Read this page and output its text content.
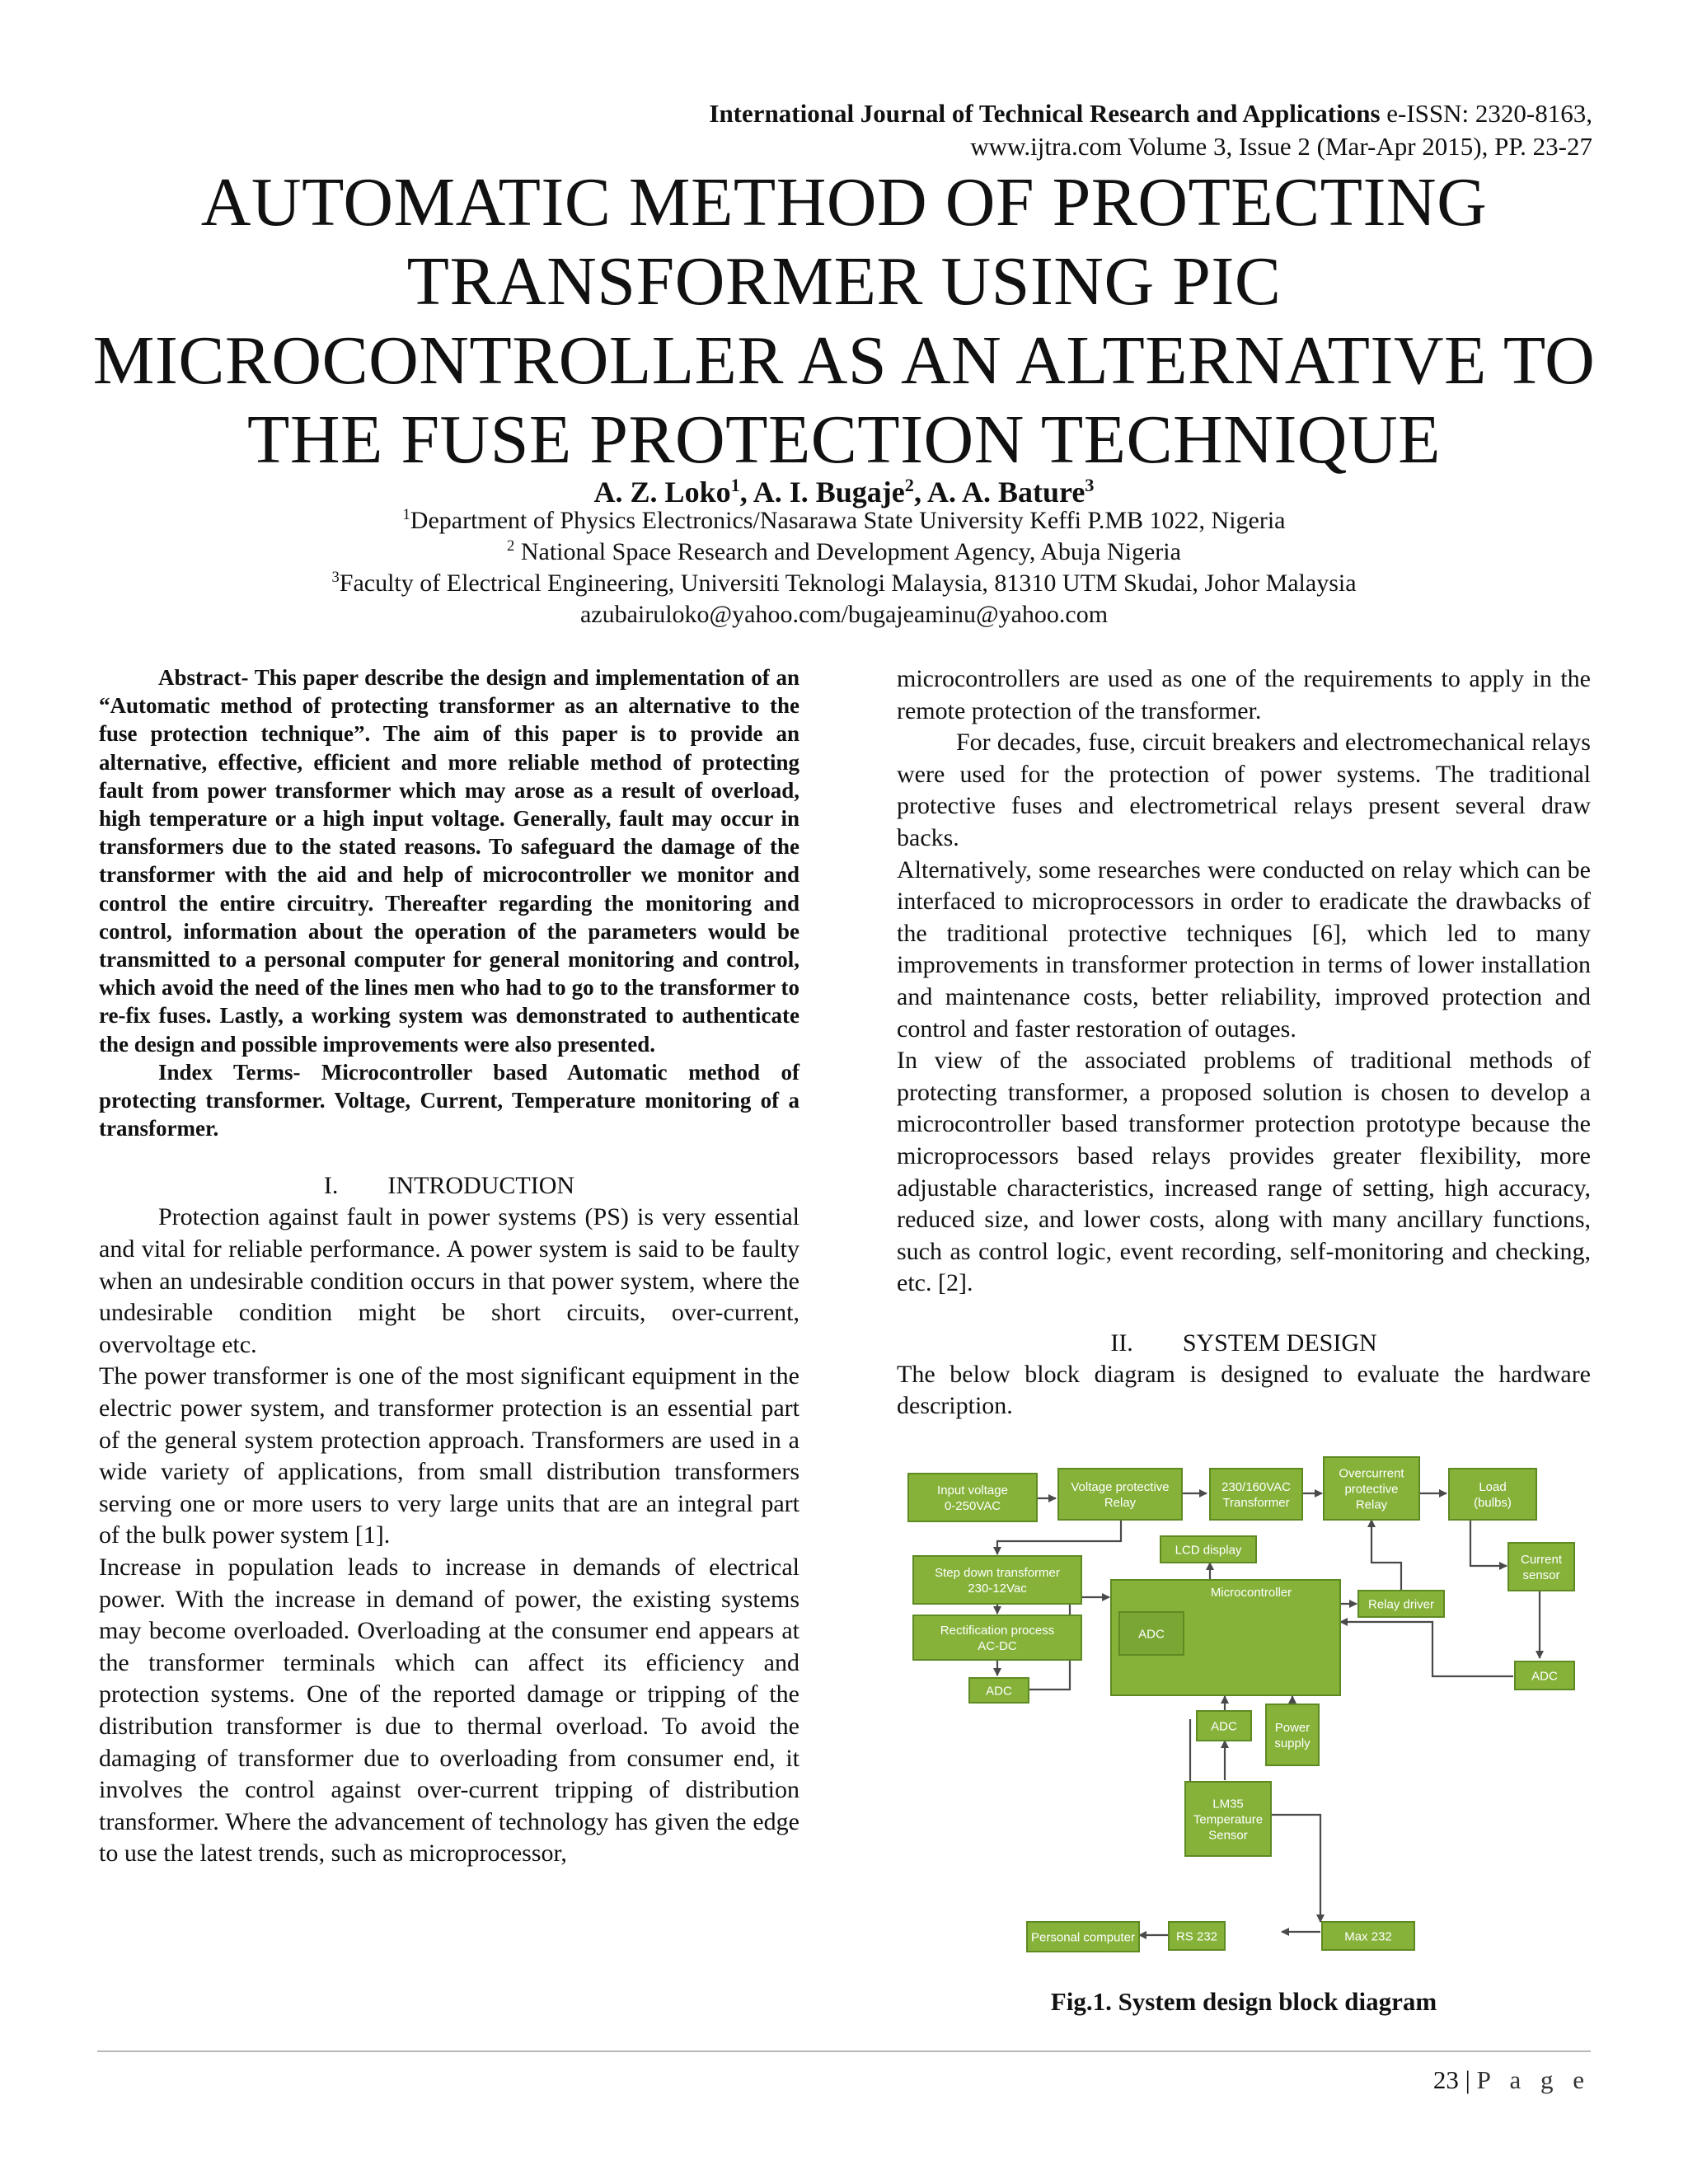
International Journal of Technical Research and Applications e-ISSN: 2320-8163,
www.ijtra.com Volume 3, Issue 2 (Mar-Apr 2015), PP. 23-27
AUTOMATIC METHOD OF PROTECTING
TRANSFORMER USING PIC
MICROCONTROLLER AS AN ALTERNATIVE TO
THE FUSE PROTECTION TECHNIQUE
A. Z. Loko$^1$, A. I. Bugaje$^2$, A. A. Bature$^3$
$^1$Department of Physics Electronics/Nasarawa State University Keffi P.MB 1022, Nigeria
$^2$ National Space Research and Development Agency, Abuja Nigeria
$^3$Faculty of Electrical Engineering, Universiti Teknologi Malaysia, 81310 UTM Skudai, Johor Malaysia
azubairuloko@yahoo.com/bugajeaminu@yahoo.com

Abstract- This paper describe the design and implementation of an “Automatic method of protecting transformer as an alternative to the fuse protection technique”. The aim of this paper is to provide an alternative, effective, efficient and more reliable method of protecting fault from power transformer which may arose as a result of overload, high temperature or a high input voltage. Generally, fault may occur in transformers due to the stated reasons. To safeguard the damage of the transformer with the aid and help of microcontroller we monitor and control the entire circuitry. Thereafter regarding the monitoring and control, information about the operation of the parameters would be transmitted to a personal computer for general monitoring and control, which avoid the need of the lines men who had to go to the transformer to re-fix fuses. Lastly, a working system was demonstrated to authenticate the design and possible improvements were also presented.

Index Terms- Microcontroller based Automatic method of protecting transformer. Voltage, Current, Temperature monitoring of a transformer.

I. INTRODUCTION

Protection against fault in power systems (PS) is very essential and vital for reliable performance. A power system is said to be faulty when an undesirable condition occurs in that power system, where the undesirable condition might be short circuits, over-current, overvoltage etc.

The power transformer is one of the most significant equipment in the electric power system, and transformer protection is an essential part of the general system protection approach. Transformers are used in a wide variety of applications, from small distribution transformers serving one or more users to very large units that are an integral part of the bulk power system [1].

Increase in population leads to increase in demands of electrical power. With the increase in demand of power, the existing systems may become overloaded. Overloading at the consumer end appears at the transformer terminals which can affect its efficiency and protection systems. One of the reported damage or tripping of the distribution transformer is due to thermal overload. To avoid the damaging of transformer due to overloading from consumer end, it involves the control against over-current tripping of distribution transformer. Where the advancement of technology has given the edge to use the latest trends, such as microprocessor,

microcontrollers are used as one of the requirements to apply in the remote protection of the transformer.

For decades, fuse, circuit breakers and electromechanical relays were used for the protection of power systems. The traditional protective fuses and electrometrical relays present several draw backs.

Alternatively, some researches were conducted on relay which can be interfaced to microprocessors in order to eradicate the drawbacks of the traditional protective techniques [6], which led to many improvements in transformer protection in terms of lower installation and maintenance costs, better reliability, improved protection and control and faster restoration of outages.

In view of the associated problems of traditional methods of protecting transformer, a proposed solution is chosen to develop a microcontroller based transformer protection prototype because the microprocessors based relays provides greater flexibility, more adjustable characteristics, increased range of setting, high accuracy, reduced size, and lower costs, along with many ancillary functions, such as control logic, event recording, self-monitoring and checking, etc. [2].

II. SYSTEM DESIGN

The below block diagram is designed to evaluate the hardware description.

Input voltage
0-250VAC
Voltage protective
Relay
230/160VAC
Transformer
Overcurrent
protective
Relay
Load
(bulbs)
Step down transformer
230-12Vac
LCD display
Current
sensor
Rectification process
AC-DC
Microcontroller
ADC
Relay driver
ADC
ADC
ADC	Power
supply
LM35
Temperature
Sensor
Personal computer	RS 232	Max 232
Fig.1. System design block diagram
23 | P a g e
